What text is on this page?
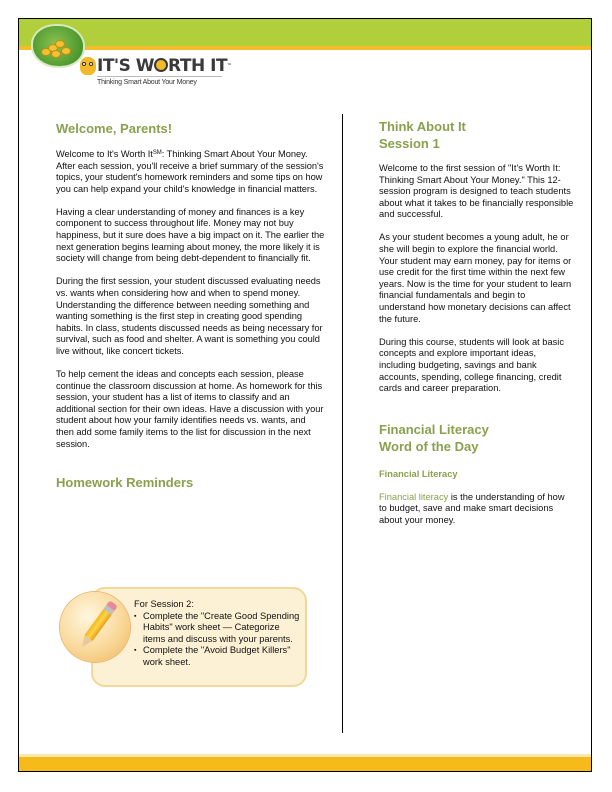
IT'S W RTH IT™
Thinking Smart About Your Money
Welcome, Parents!

Welcome to It's Worth It℠: Thinking Smart About Your Money. After each session, you'll receive a brief summary of the session's topics, your student's homework reminders and some tips on how you can help expand your child's knowledge in financial matters.

Having a clear understanding of money and finances is a key component to success throughout life. Money may not buy happiness, but it sure does have a big impact on it. The earlier the next generation begins learning about money, the more likely it is society will change from being debt-dependent to financially fit.

During the first session, your student discussed evaluating needs vs. wants when considering how and when to spend money. Understanding the difference between needing something and wanting something is the first step in creating good spending habits. In class, students discussed needs as being necessary for survival, such as food and shelter. A want is something you could live without, like concert tickets.

To help cement the ideas and concepts each session, please continue the classroom discussion at home. As homework for this session, your student has a list of items to classify and an additional section for their own ideas. Have a discussion with your student about how your family identifies needs vs. wants, and then add some family items to the list for discussion in the next session.

Homework Reminders
For Session 2:
▪ Complete the "Create Good Spending Habits" work sheet — Categorize items and discuss with your parents.
▪ Complete the "Avoid Budget Killers" work sheet.
Think About It
Session 1

Welcome to the first session of "It's Worth It: Thinking Smart About Your Money." This 12-session program is designed to teach students about what it takes to be financially responsible and successful.

As your student becomes a young adult, he or she will begin to explore the financial world. Your student may earn money, pay for items or use credit for the first time within the next few years. Now is the time for your student to learn financial fundamentals and begin to understand how monetary decisions can affect the future.

During this course, students will look at basic concepts and explore important ideas, including budgeting, savings and bank accounts, spending, college financing, credit cards and career preparation.

Financial Literacy
Word of the Day
Financial Literacy

Financial literacy is the understanding of how to budget, save and make smart decisions about your money.
